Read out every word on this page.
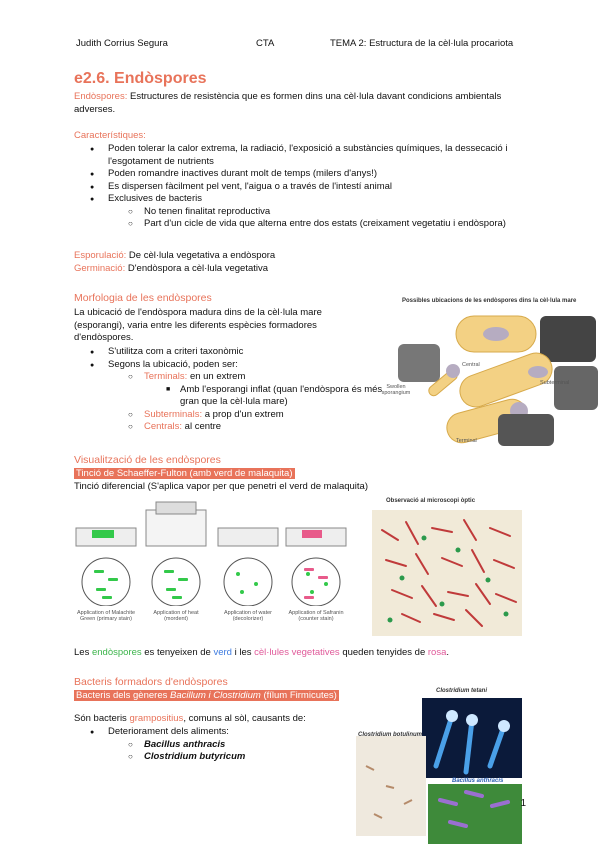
Judith Corrius Segura	CTA	TEMA 2: Estructura de la cèl·lula procariota
e2.6. Endòspores
Endòspores: Estructures de resistència que es formen dins una cèl·lula davant condicions ambientals adverses.
Característiques:
● Poden tolerar la calor extrema, la radiació, l'exposició a substàncies químiques, la dessecació i l'esgotament de nutrients
● Poden romandre inactives durant molt de temps (milers d'anys!)
● Es dispersen fàcilment pel vent, l'aigua o a través de l'intestí animal
● Exclusives de bacteris
○ No tenen finalitat reproductiva
○ Part d'un cicle de vida que alterna entre dos estats (creixament vegetatiu i endòspora)
Esporulació: De cèl·lula vegetativa a endòspora
Germinació: D'endòspora a cèl·lula vegetativa
Morfologia de les endòspores
La ubicació de l'endòspora madura dins de la cèl·lula mare (esporangi), varia entre les diferents espècies formadores d'endòspores.
● S'utilitza com a criteri taxonòmic
● Segons la ubicació, poden ser:
○ Terminals: en un extrem
■ Amb l'esporangi inflat (quan l'endòspora és més gran que la cèl·lula mare)
○ Subterminals: a prop d'un extrem
○ Centrals: al centre
Possibles ubicacions de les endòspores dins la cèl·lula mare
Central
Subterminal
Terminal
Swollen sporangium
Visualització de les endòspores
Tinció de Schaeffer-Fulton (amb verd de malaquita)
Tinció diferencial (S'aplica vapor per que penetri el verd de malaquita)
Application of Malachite Green (primary stain)
Application of heat (mordent)
Application of water (decolorizer)
Application of Safranin (counter stain)
Observació al microscopi òptic
Les endòspores es tenyeixen de verd i les cèl·lules vegetatives queden tenyides de rosa.
Bacteris formadors d'endòspores
Bacteris dels gèneres Bacillum i Clostridium (fílum Firmicutes)
Són bacteris grampositius, comuns al sòl, causants de:
● Deteriorament dels aliments:
○ Bacillus anthracis
○ Clostridium butyricum
Clostridium tetani
Clostridium botulinum
Bacillus anthracis
1
